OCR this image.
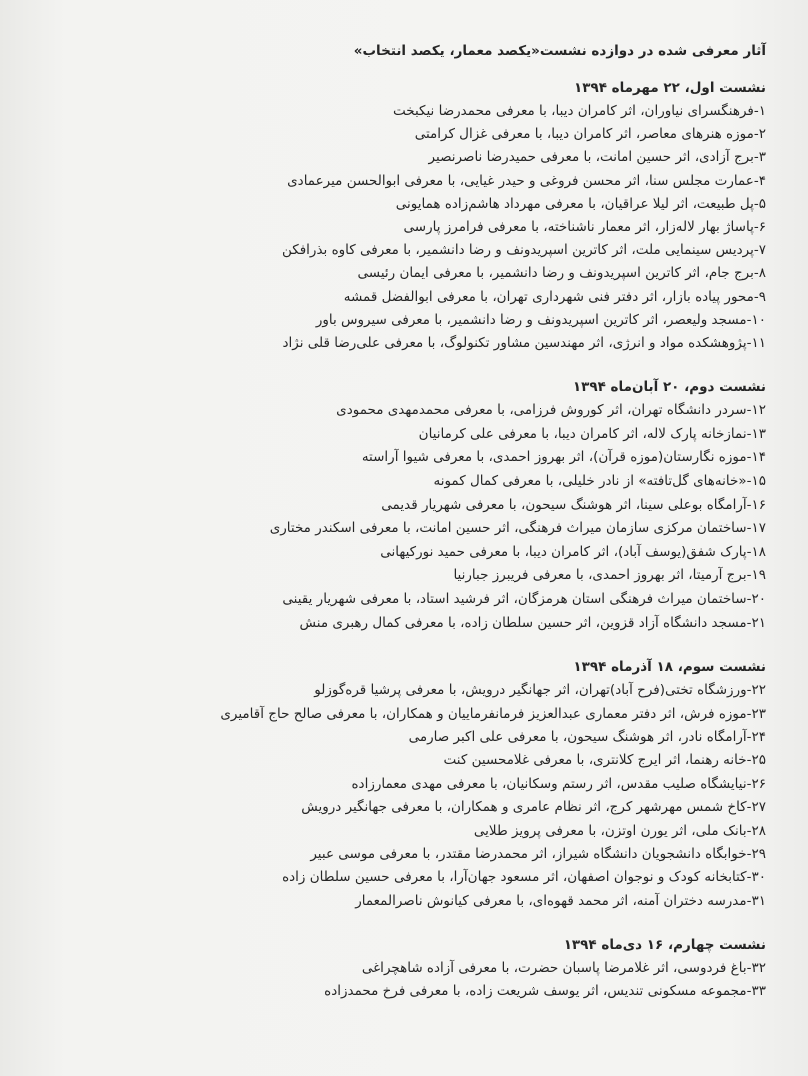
آثار معرفی شده در دوازده نشست«یکصد معمار، یکصد انتخاب»
نشست اول، ۲۲ مهرماه ۱۳۹۴
۱-فرهنگسرای نیاوران، اثر کامران دیبا، با معرفی محمدرضا نیکبخت
۲-موزه هنرهای معاصر، اثر کامران دیبا، با معرفی غزال کرامتی
۳-برج آزادی، اثر حسین امانت، با معرفی حمیدرضا ناصرنصیر
۴-عمارت مجلس سنا، اثر محسن فروغی و حیدر غیایی، با معرفی ابوالحسن میرعمادی
۵-پل طبیعت، اثر لیلا عراقیان، با معرفی مهرداد هاشم‌زاده همایونی
۶-پاساژ بهار لاله‌زار، اثر معمار ناشناخته، با معرفی فرامرز پارسی
۷-پردیس سینمایی ملت، اثر کاترین اسپریدونف و رضا دانشمیر، با معرفی کاوه بذرافکن
۸-برج جام، اثر کاترین اسپریدونف و رضا دانشمیر، با معرفی ایمان رئیسی
۹-محور پیاده بازار، اثر دفتر فنی شهرداری تهران، با معرفی ابوالفضل قمشه
۱۰-مسجد ولیعصر، اثر کاترین اسپریدونف و رضا دانشمیر، با معرفی سیروس باور
۱۱-پژوهشکده مواد و انرژی، اثر مهندسین مشاور تکنولوگ، با معرفی علی‌رضا قلی نژاد
نشست دوم، ۲۰ آبان‌ماه ۱۳۹۴
۱۲-سردر دانشگاه تهران، اثر کوروش فرزامی، با معرفی محمدمهدی محمودی
۱۳-نمازخانه پارک لاله، اثر کامران دیبا، با معرفی علی کرمانیان
۱۴-موزه نگارستان(موزه قرآن)، اثر بهروز احمدی، با معرفی شیوا آراسته
۱۵-«خانه‌های گل‌تافته» از نادر خلیلی، با معرفی کمال کمونه
۱۶-آرامگاه بوعلی سینا، اثر هوشنگ سیحون، با معرفی شهریار قدیمی
۱۷-ساختمان مرکزی سازمان میراث فرهنگی، اثر حسین امانت، با معرفی اسکندر مختاری
۱۸-پارک شفق(یوسف آباد)، اثر کامران دیبا، با معرفی حمید نورکیهانی
۱۹-برج آرمیتا، اثر بهروز احمدی، با معرفی فریبرز جبارنیا
۲۰-ساختمان میراث فرهنگی استان هرمزگان، اثر فرشید استاد، با معرفی شهریار یقینی
۲۱-مسجد دانشگاه آزاد قزوین، اثر حسین سلطان زاده، با معرفی کمال رهبری منش
نشست سوم، ۱۸ آذرماه ۱۳۹۴
۲۲-ورزشگاه تختی(فرح آباد)تهران، اثر جهانگیر درویش، با معرفی پرشیا قره‌گوزلو
۲۳-موزه فرش، اثر دفتر معماری عبدالعزیز فرمانفرماییان و همکاران، با معرفی صالح حاج آقامیری
۲۴-آرامگاه نادر، اثر هوشنگ سیحون، با معرفی علی اکبر صارمی
۲۵-خانه رهنما، اثر ایرج کلانتری، با معرفی غلامحسین کنت
۲۶-نیایشگاه صلیب مقدس، اثر رستم وسکانیان، با معرفی مهدی معمارزاده
۲۷-کاخ شمس مهرشهر کرج، اثر نظام عامری و همکاران، با معرفی جهانگیر درویش
۲۸-بانک ملی، اثر یورن اوتزن، با معرفی پرویز طلایی
۲۹-خوابگاه دانشجویان دانشگاه شیراز، اثر محمدرضا مقتدر، با معرفی موسی عبیر
۳۰-کتابخانه کودک و نوجوان اصفهان، اثر مسعود جهان‌آرا، با معرفی حسین سلطان زاده
۳۱-مدرسه دختران آمنه، اثر محمد قهوه‌ای، با معرفی کیانوش ناصرالمعمار
نشست چهارم، ۱۶ دی‌ماه ۱۳۹۴
۳۲-باغ فردوسی، اثر غلامرضا پاسبان حضرت، با معرفی آزاده شاهچراغی
۳۳-مجموعه مسکونی تندیس، اثر یوسف شریعت زاده، با معرفی فرخ محمدزاده
